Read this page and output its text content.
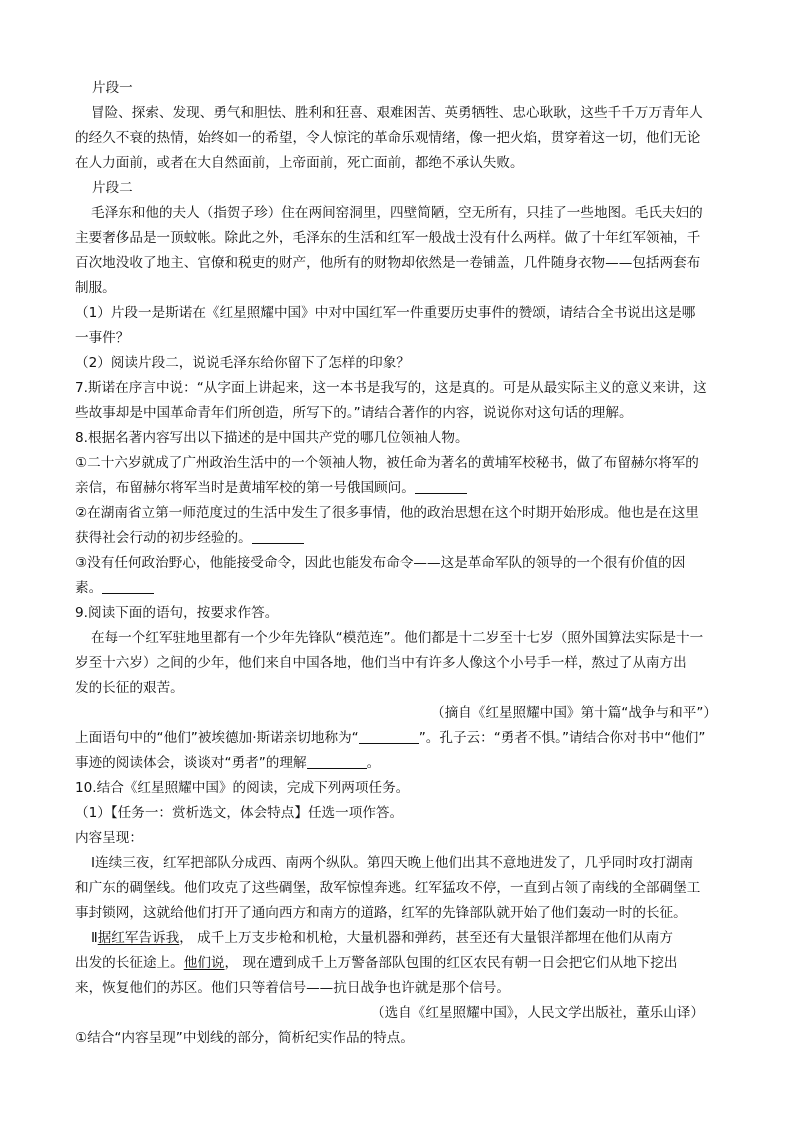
片段一
冒险、探索、发现、勇气和胆怯、胜利和狂喜、艰难困苦、英勇牺牲、忠心耿耿，这些千千万万青年人
的经久不衰的热情，始终如一的希望，令人惊诧的革命乐观情绪，像一把火焰，贯穿着这一切，他们无论
在人力面前，或者在大自然面前，上帝面前，死亡面前，都绝不承认失败。
片段二
毛泽东和他的夫人（指贺子珍）住在两间窑洞里，四壁简陋，空无所有，只挂了一些地图。毛氏夫妇的
主要奢侈品是一顶蚊帐。除此之外，毛泽东的生活和红军一般战士没有什么两样。做了十年红军领袖，千
百次地没收了地主、官僚和税吏的财产，他所有的财物却依然是一卷铺盖，几件随身衣物——包括两套布
制服。
（1）片段一是斯诺在《红星照耀中国》中对中国红军一件重要历史事件的赞颂，请结合全书说出这是哪
一事件？
（2）阅读片段二，说说毛泽东给你留下了怎样的印象？
7.斯诺在序言中说：“从字面上讲起来，这一本书是我写的，这是真的。可是从最实际主义的意义来讲，这
些故事却是中国革命青年们所创造，所写下的。”请结合著作的内容，说说你对这句话的理解。
8.根据名著内容写出以下描述的是中国共产党的哪几位领袖人物。
①二十六岁就成了广州政治生活中的一个领袖人物，被任命为著名的黄埔军校秘书，做了布留赫尔将军的
亲信，布留赫尔将军当时是黄埔军校的第一号俄国顾问。
②在湖南省立第一师范度过的生活中发生了很多事情，他的政治思想在这个时期开始形成。他也是在这里
获得社会行动的初步经验的。
③没有任何政治野心，他能接受命令，因此也能发布命令——这是革命军队的领导的一个很有价值的因
素。
9.阅读下面的语句，按要求作答。
在每一个红军驻地里都有一个少年先锋队“模范连”。他们都是十二岁至十七岁（照外国算法实际是十一
岁至十六岁）之间的少年，他们来自中国各地，他们当中有许多人像这个小号手一样，熬过了从南方出
发的长征的艰苦。
（摘自《红星照耀中国》第十篇“战争与和平”）
上面语句中的“他们”被埃德加·斯诺亲切地称为“	”。孔子云：“勇者不惧。”请结合你对书中“他们”
事迹的阅读体会，谈谈对“勇者”的理解	。
10.结合《红星照耀中国》的阅读，完成下列两项任务。
（1）【任务一：赏析选文，体会特点】任选一项作答。
内容呈现：
Ⅰ连续三夜，红军把部队分成西、南两个纵队。第四天晚上他们出其不意地进发了，几乎同时攻打湖南
和广东的碉堡线。他们攻克了这些碉堡，敌军惊惶奔逃。红军猛攻不停，一直到占领了南线的全部碉堡工
事封锁网，这就给他们打开了通向西方和南方的道路，红军的先锋部队就开始了他们轰动一时的长征。
Ⅱ据红军告诉我， 成千上万支步枪和机枪，大量机器和弹药，甚至还有大量银洋都埋在他们从南方
出发的长征途上。他们说， 现在遭到成千上万警备部队包围的红区农民有朝一日会把它们从地下挖出
来，恢复他们的苏区。他们只等着信号——抗日战争也许就是那个信号。
（选自《红星照耀中国》，人民文学出版社，董乐山译）
①结合“内容呈现”中划线的部分，简析纪实作品的特点。
